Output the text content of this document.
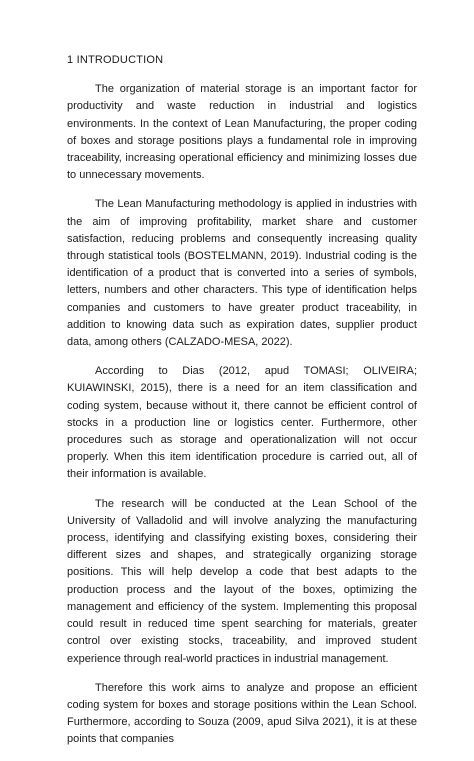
1 INTRODUCTION

The organization of material storage is an important factor for productivity and waste reduction in industrial and logistics environments. In the context of Lean Manufacturing, the proper coding of boxes and storage positions plays a fundamental role in improving traceability, increasing operational efficiency and minimizing losses due to unnecessary movements.

The Lean Manufacturing methodology is applied in industries with the aim of improving profitability, market share and customer satisfaction, reducing problems and consequently increasing quality through statistical tools (BOSTELMANN, 2019). Industrial coding is the identification of a product that is converted into a series of symbols, letters, numbers and other characters. This type of identification helps companies and customers to have greater product traceability, in addition to knowing data such as expiration dates, supplier product data, among others (CALZADO-MESA, 2022).

According to Dias (2012, apud TOMASI; OLIVEIRA; KUIAWINSKI, 2015), there is a need for an item classification and coding system, because without it, there cannot be efficient control of stocks in a production line or logistics center. Furthermore, other procedures such as storage and operationalization will not occur properly. When this item identification procedure is carried out, all of their information is available.

The research will be conducted at the Lean School of the University of Valladolid and will involve analyzing the manufacturing process, identifying and classifying existing boxes, considering their different sizes and shapes, and strategically organizing storage positions. This will help develop a code that best adapts to the production process and the layout of the boxes, optimizing the management and efficiency of the system. Implementing this proposal could result in reduced time spent searching for materials, greater control over existing stocks, traceability, and improved student experience through real-world practices in industrial management.

Therefore this work aims to analyze and propose an efficient coding system for boxes and storage positions within the Lean School. Furthermore, according to Souza (2009, apud Silva 2021), it is at these points that companies
